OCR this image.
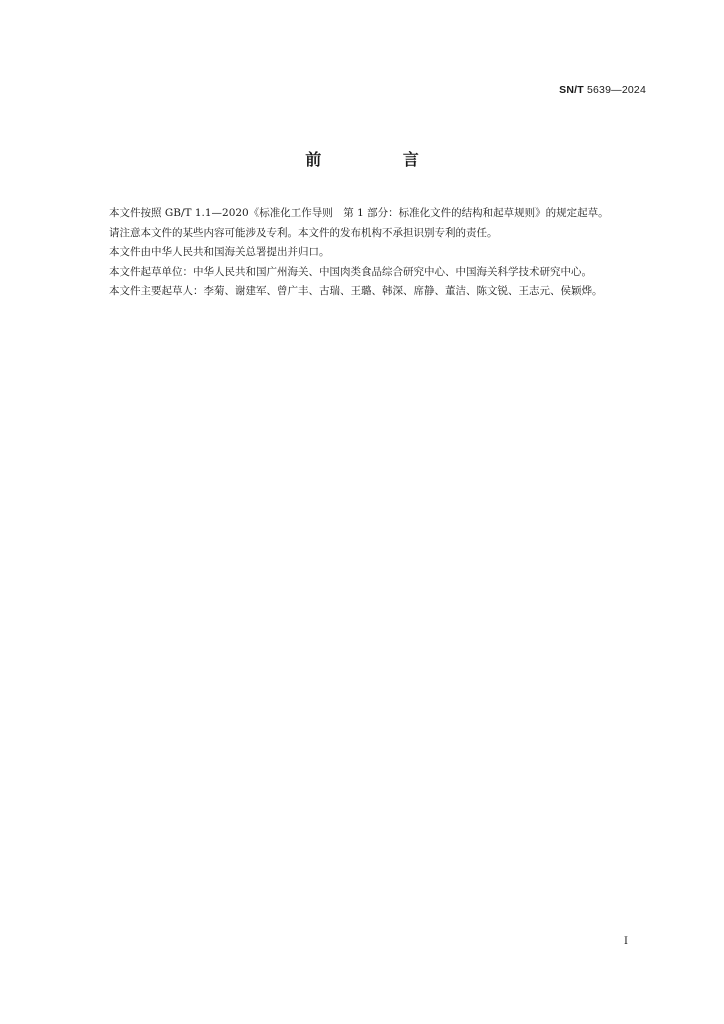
SN/T 5639—2024
前 言

本文件按照 GB/T 1.1—2020《标准化工作导则　第 1 部分：标准化文件的结构和起草规则》的规定起草。

请注意本文件的某些内容可能涉及专利。本文件的发布机构不承担识别专利的责任。

本文件由中华人民共和国海关总署提出并归口。

本文件起草单位：中华人民共和国广州海关、中国肉类食品综合研究中心、中国海关科学技术研究中心。

本文件主要起草人：李菊、谢建军、曾广丰、古瑞、王璐、韩深、席静、董洁、陈文锐、王志元、侯颖烨。

I
